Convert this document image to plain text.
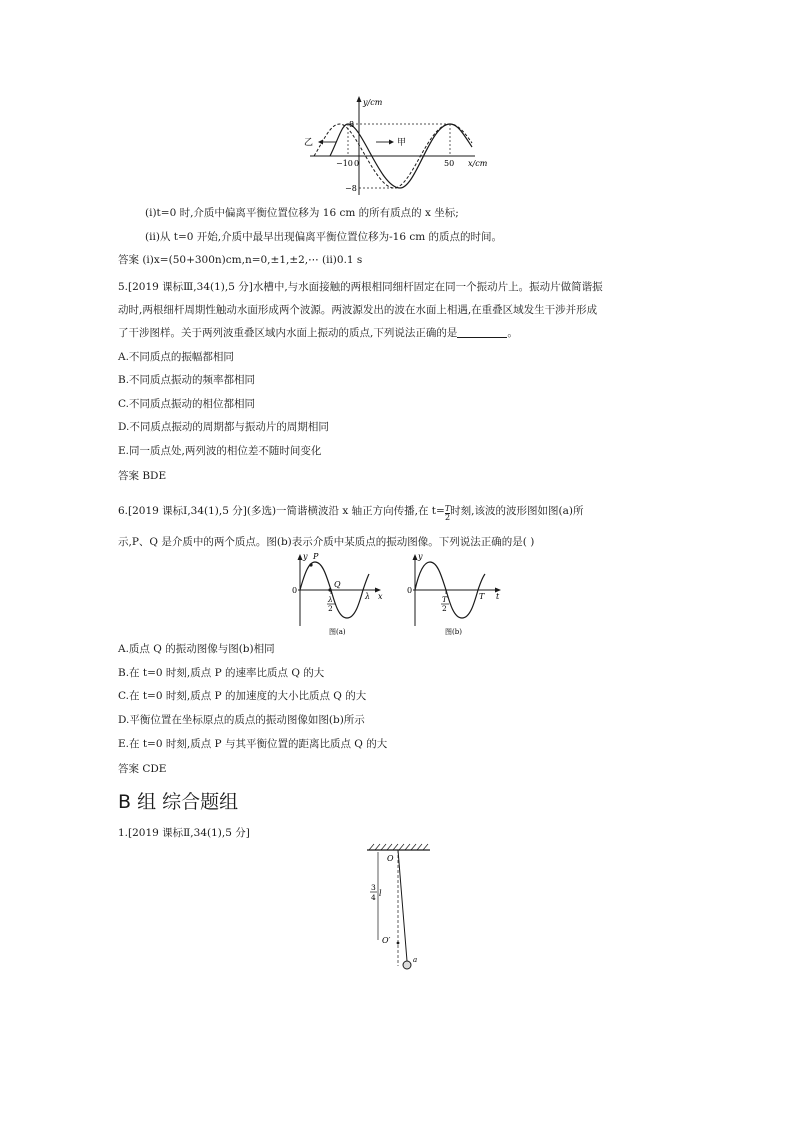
y/cm
x/cm
8
−8
−10 0	50
乙	甲
(ⅰ)t=0 时,介质中偏离平衡位置位移为 16 cm 的所有质点的 x 坐标;
(ⅱ)从 t=0 开始,介质中最早出现偏离平衡位置位移为-16 cm 的质点的时间。
答案 (ⅰ)x=(50+300n)cm,n=0,±1,±2,⋯ (ⅱ)0.1 s
5.[2019 课标Ⅲ,34(1),5 分]水槽中,与水面接触的两根相同细杆固定在同一个振动片上。振动片做简谐振
动时,两根细杆周期性触动水面形成两个波源。两波源发出的波在水面上相遇,在重叠区域发生干涉并形成
了干涉图样。关于两列波重叠区域内水面上振动的质点,下列说法正确的是	。
A.不同质点的振幅都相同
B.不同质点振动的频率都相同
C.不同质点振动的相位都相同
D.不同质点振动的周期都与振动片的周期相同
E.同一质点处,两列波的相位差不随时间变化
答案 BDE
6.[2019 课标Ⅰ,34(1),5 分](多选)一简谐横波沿 x 轴正方向传播,在 $t= \frac{T}{2}$ 时刻,该波的波形图如图(a)所
示,P、Q 是介质中的两个质点。图(b)表示介质中某质点的振动图像。下列说法正确的是( )
y P
Q
0
λ
2
λ x
图(a)
y
0
T
2
T t
图(b)
A.质点 Q 的振动图像与图(b)相同
B.在 t=0 时刻,质点 P 的速率比质点 Q 的大
C.在 t=0 时刻,质点 P 的加速度的大小比质点 Q 的大
D.平衡位置在坐标原点的质点的振动图像如图(b)所示
E.在 t=0 时刻,质点 P 与其平衡位置的距离比质点 Q 的大
答案 CDE
B 组 综合题组
1.[2019 课标Ⅱ,34(1),5 分]
O
O′
3
4 l
a
